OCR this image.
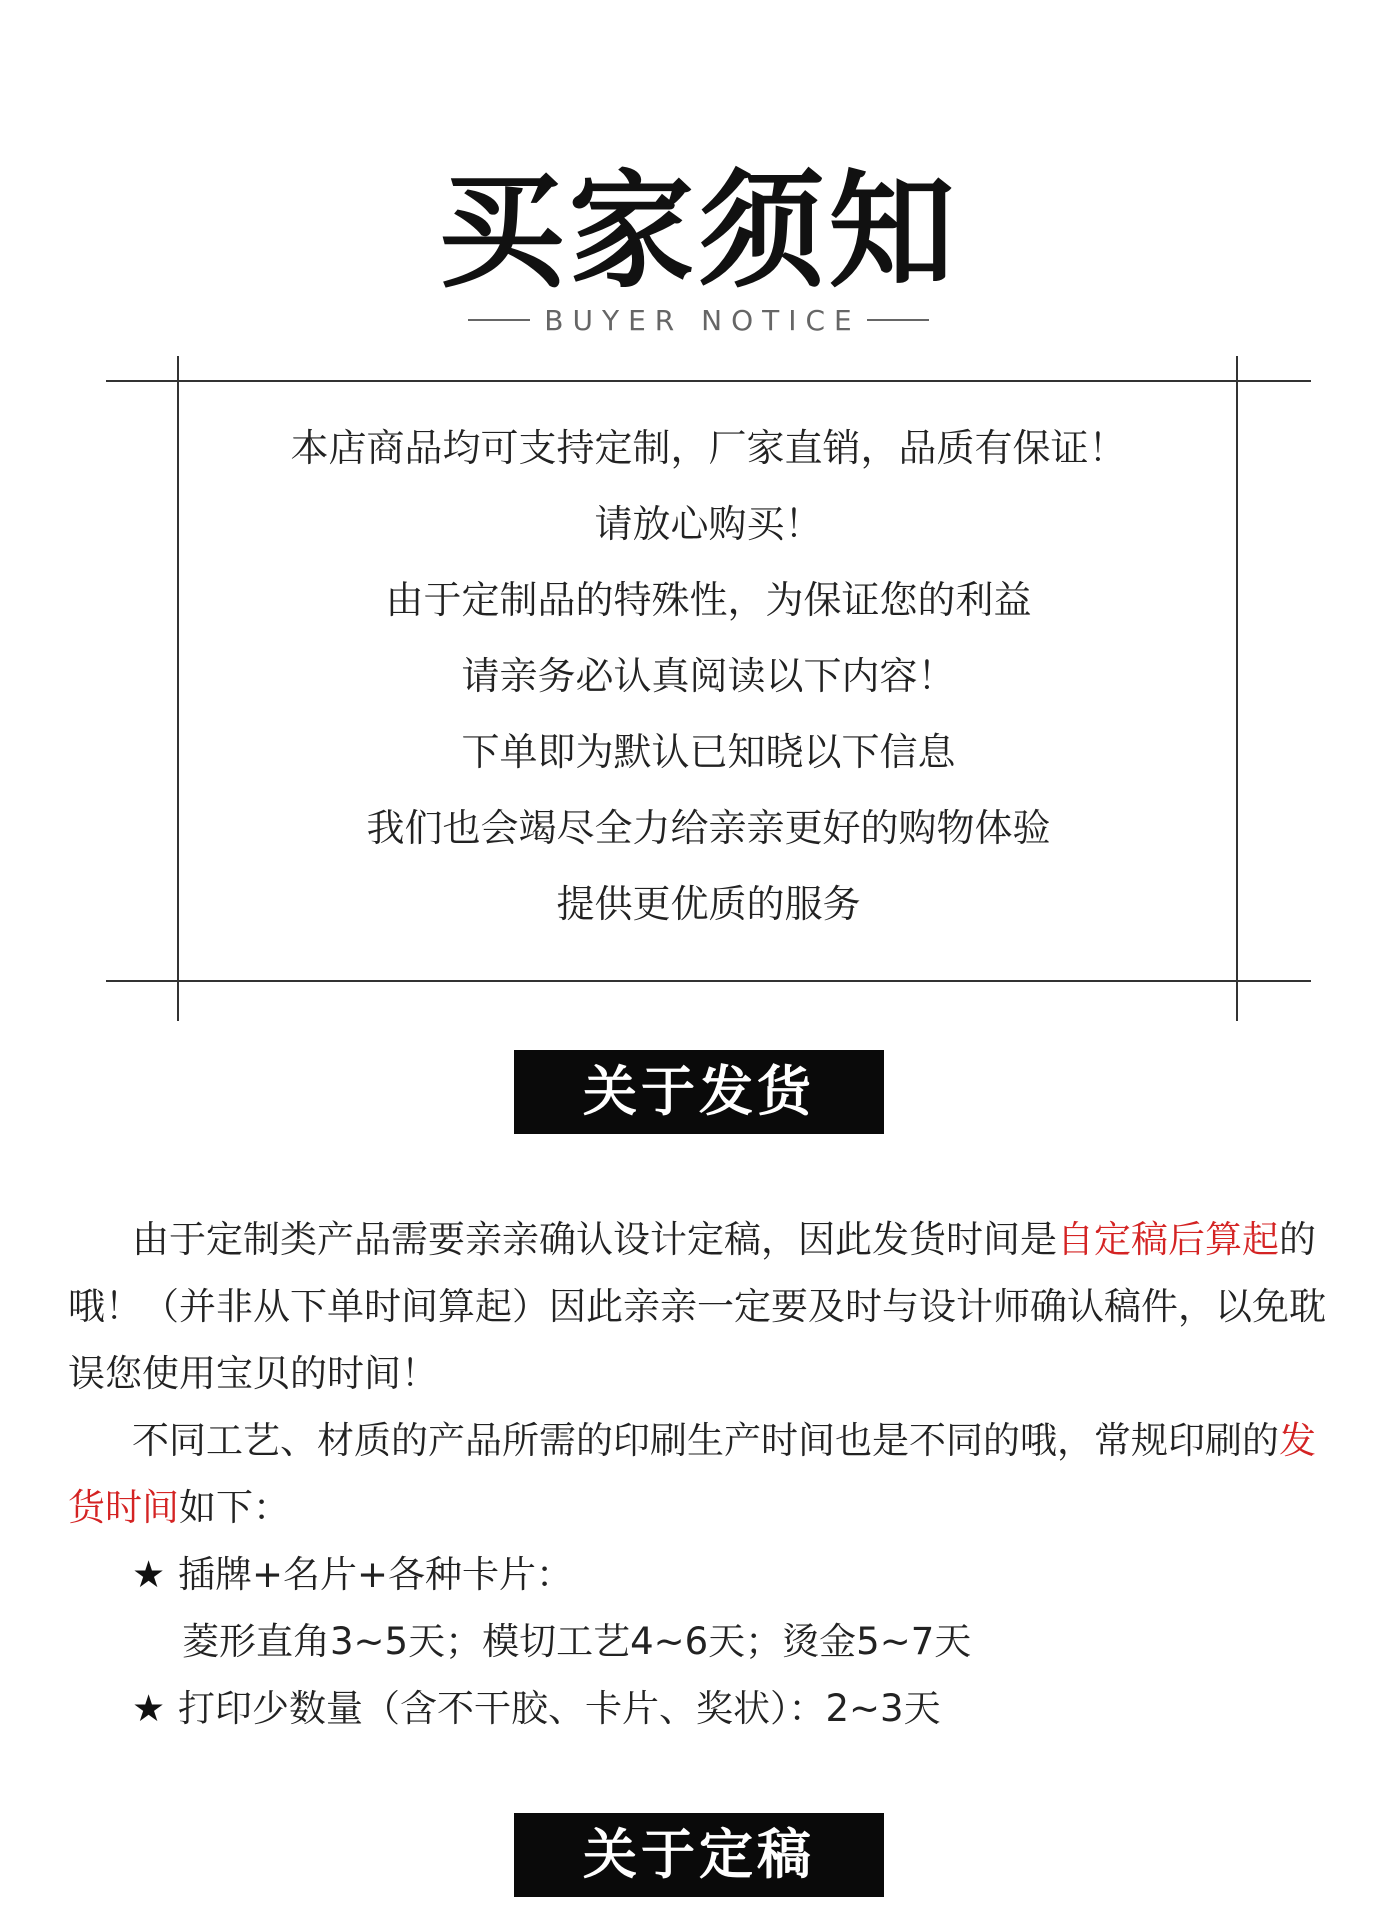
买家须知
BUYER NOTICE
本店商品均可支持定制，厂家直销，品质有保证！
请放心购买！
由于定制品的特殊性，为保证您的利益
请亲务必认真阅读以下内容！
下单即为默认已知晓以下信息
我们也会竭尽全力给亲亲更好的购物体验
提供更优质的服务
关于发货

由于定制类产品需要亲亲确认设计定稿，因此发货时间是自定稿后算起的哦！（并非从下单时间算起）因此亲亲一定要及时与设计师确认稿件，以免耽误您使用宝贝的时间！

不同工艺、材质的产品所需的印刷生产时间也是不同的哦，常规印刷的发货时间如下：

★ 插牌+名片+各种卡片：
菱形直角3~5天；模切工艺4~6天；烫金5~7天
★ 打印少数量（含不干胶、卡片、奖状）：2~3天
关于定稿
